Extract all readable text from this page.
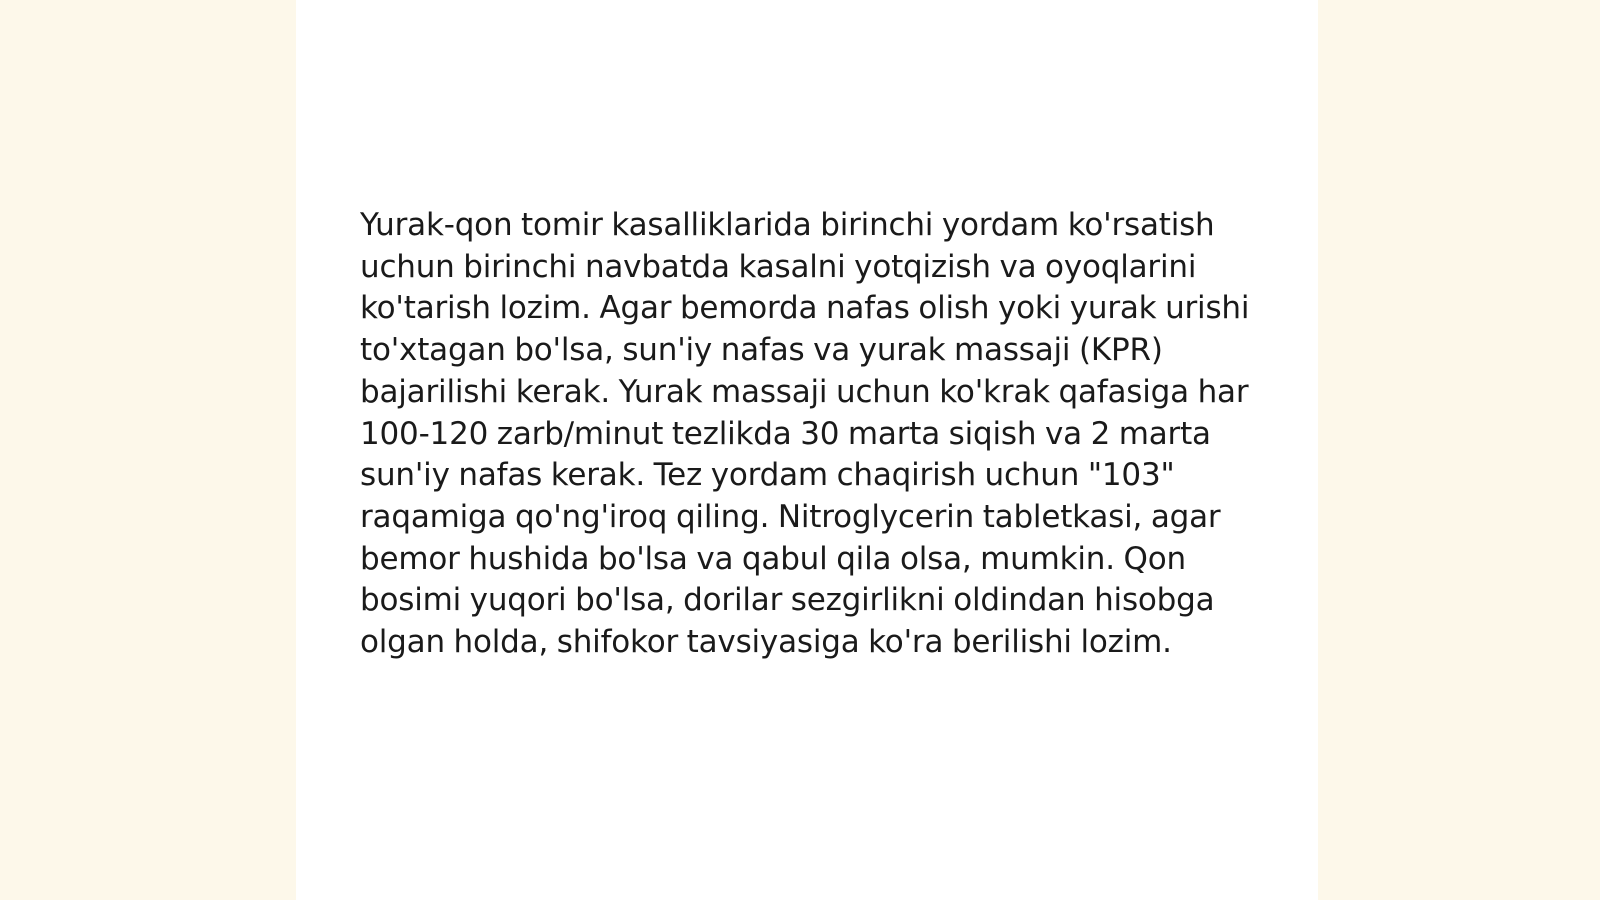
Yurak-qon tomir kasalliklarida birinchi yordam ko'rsatish uchun birinchi navbatda kasalni yotqizish va oyoqlarini ko'tarish lozim. Agar bemorda nafas olish yoki yurak urishi to'xtagan bo'lsa, sun'iy nafas va yurak massaji (KPR) bajarilishi kerak. Yurak massaji uchun ko'krak qafasiga har 100-120 zarb/minut tezlikda 30 marta siqish va 2 marta sun'iy nafas kerak. Tez yordam chaqirish uchun "103" raqamiga qo'ng'iroq qiling. Nitroglycerin tabletkasi, agar bemor hushida bo'lsa va qabul qila olsa, mumkin. Qon bosimi yuqori bo'lsa, dorilar sezgirlikni oldindan hisobga olgan holda, shifokor tavsiyasiga ko'ra berilishi lozim.
